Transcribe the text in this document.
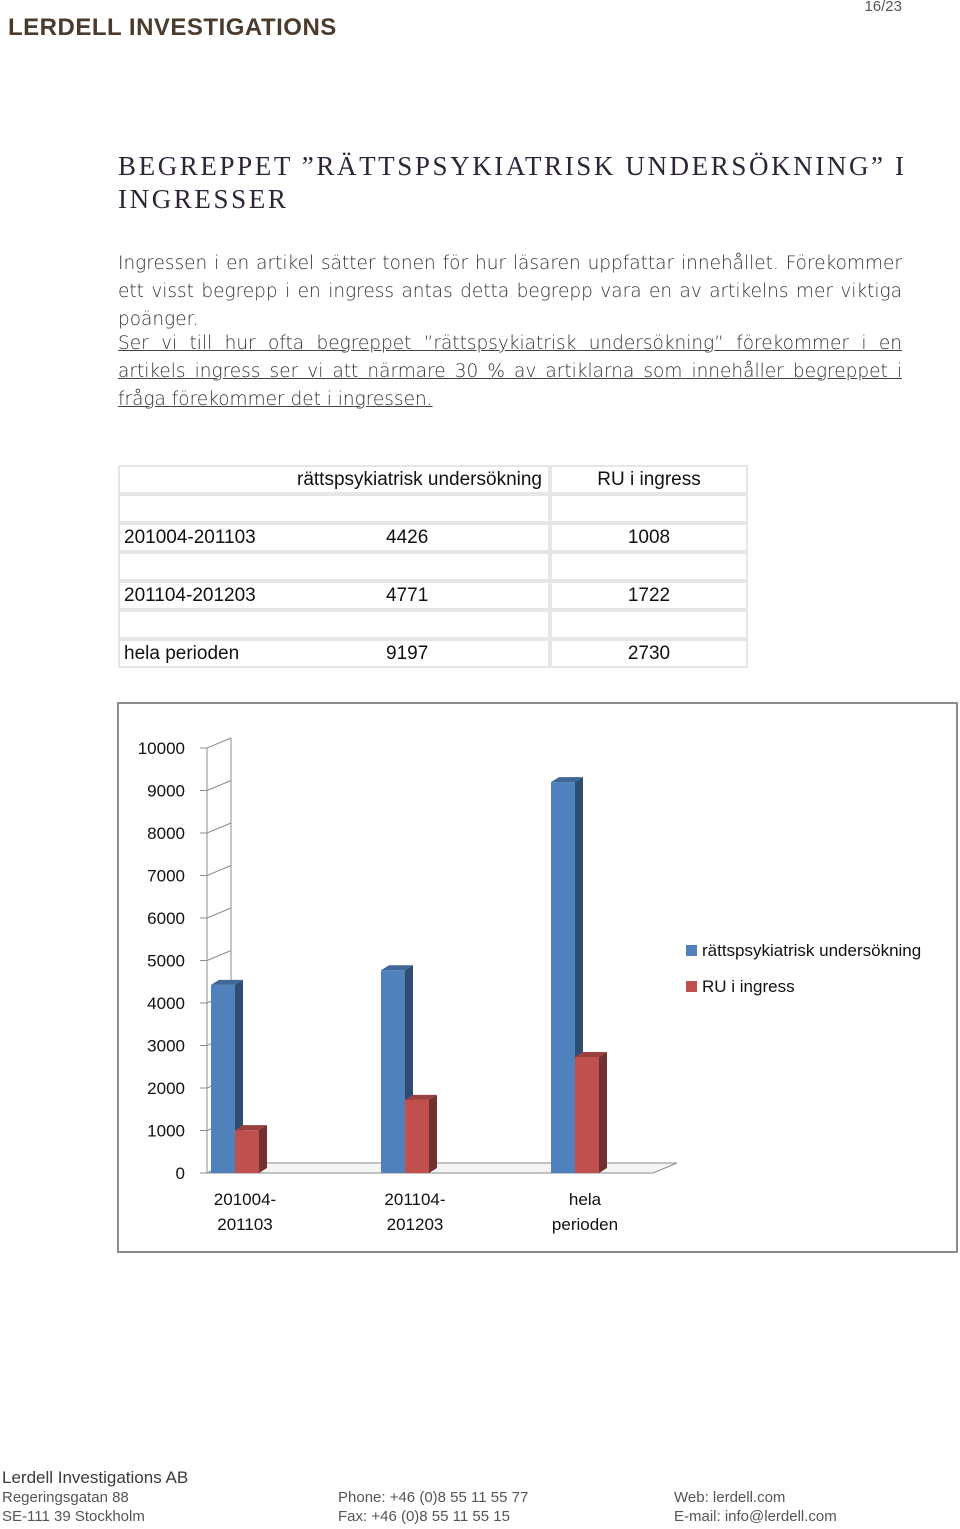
LERDELL INVESTIGATIONS
16/23
BEGREPPET ”RÄTTSPSYKIATRISK UNDERSÖKNING” I INGRESSER

Ingressen i en artikel sätter tonen för hur läsaren uppfattar innehållet. Förekommer ett visst begrepp i en ingress antas detta begrepp vara en av artikelns mer viktiga poänger.

Ser vi till hur ofta begreppet ”rättspsykiatrisk undersökning” förekommer i en artikels ingress ser vi att närmare 30 % av artiklarna som innehåller begreppet i fråga förekommer det i ingressen.

rättspsykiatrisk undersökning	RU i ingress

201004-201103 4426	1008

201104-201203 4771	1722

hela perioden 9197	2730
0
1000
2000
3000
4000
5000
6000
7000
8000
9000
10000
201004-
201103
201104-
201203
hela
perioden
rättspsykiatrisk undersökning
RU i ingress
Lerdell Investigations AB
Regeringsgatan 88	Phone: +46 (0)8 55 11 55 77	Web: lerdell.com
SE-111 39 Stockholm	Fax: +46 (0)8 55 11 55 15	E-mail: info@lerdell.com
